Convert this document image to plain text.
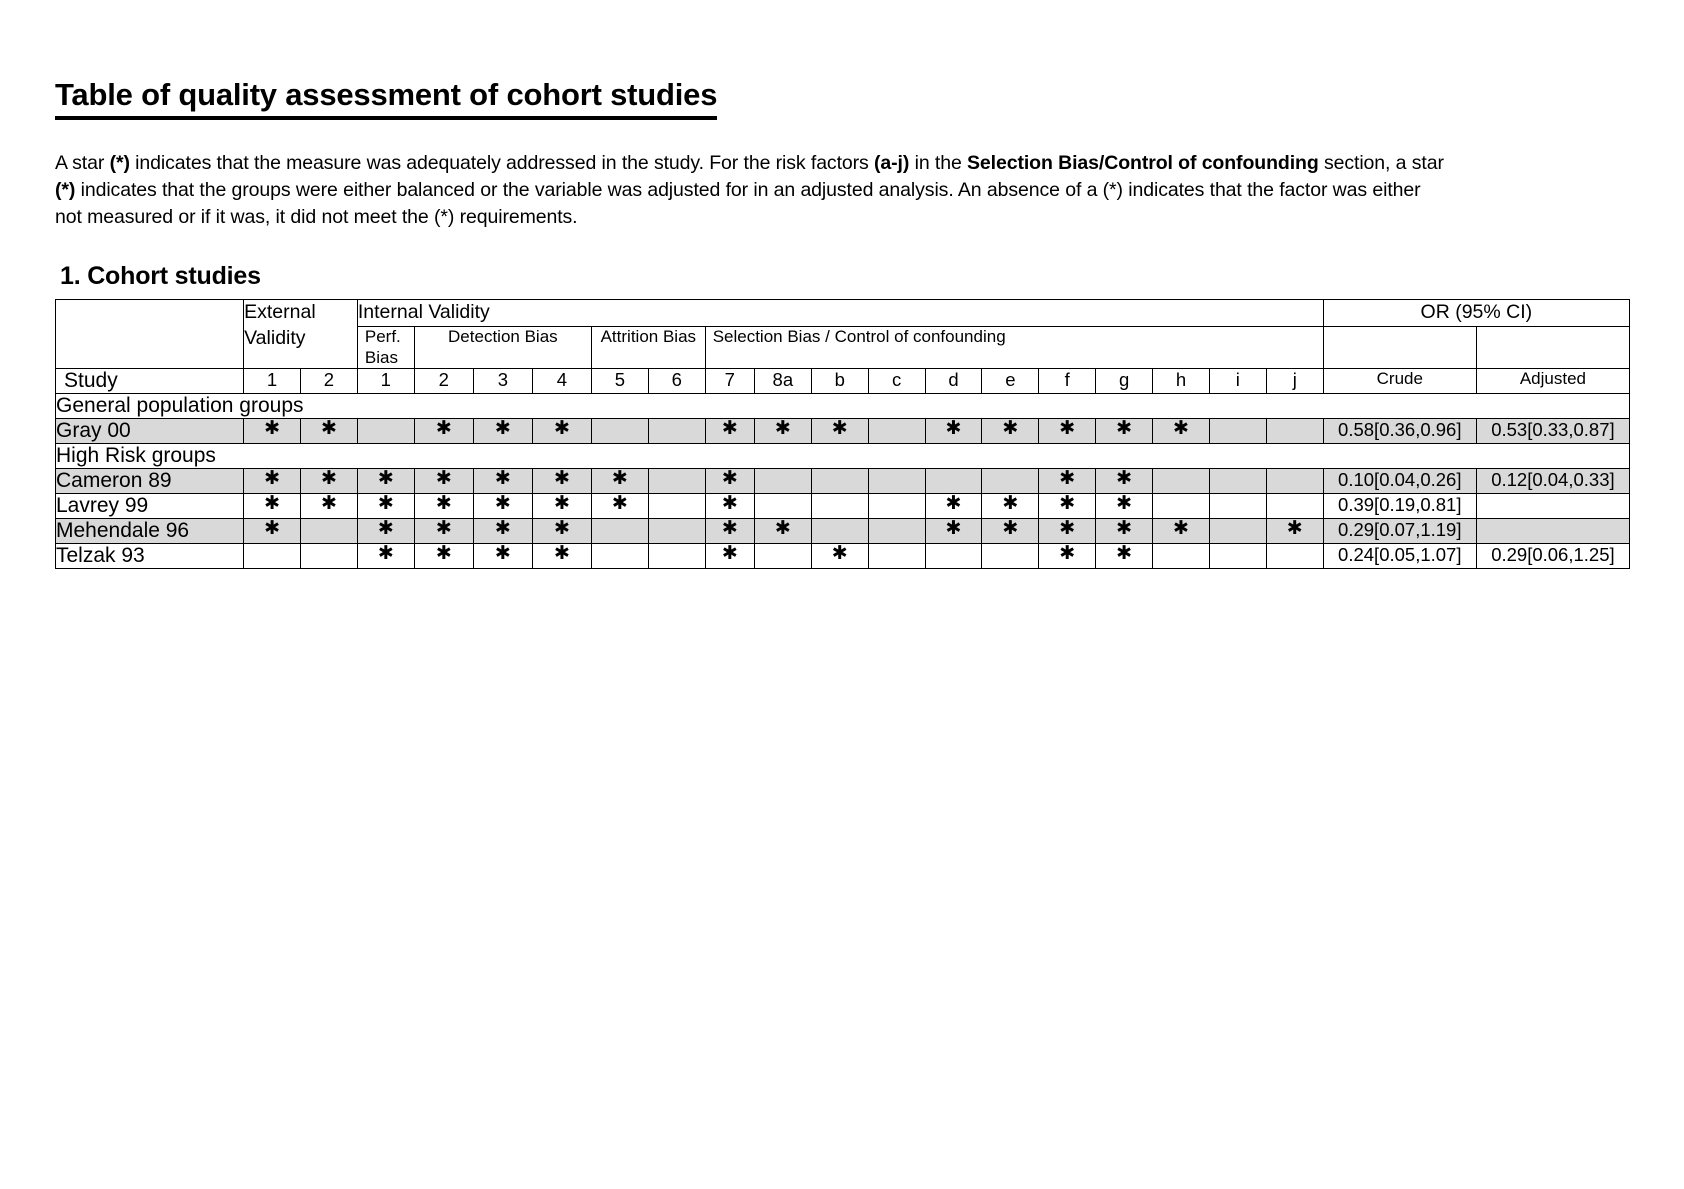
Table of quality assessment of cohort studies

A star (*) indicates that the measure was adequately addressed in the study. For the risk factors (a-j) in the Selection Bias/Control of confounding section, a star (*) indicates that the groups were either balanced or the variable was adjusted for in an adjusted analysis. An absence of a (*) indicates that the factor was either not measured or if it was, it did not meet the (*) requirements.

1. Cohort studies
	External Validity		Internal Validity																	OR (95% CI)	
			Perf. Bias	Detection Bias			Attrition Bias		Selection Bias / Control of confounding												
Study	1	2	1	2	3	4	5	6	7	8a	b	c	d	e	f	g	h	i	j	Crude	Adjusted
General population groups																					
Gray 00	✱	✱		✱	✱	✱			✱	✱	✱		✱	✱	✱	✱	✱			0.58[0.36,0.96]	0.53[0.33,0.87]
High Risk groups																					
Cameron 89	✱	✱	✱	✱	✱	✱	✱		✱						✱	✱				0.10[0.04,0.26]	0.12[0.04,0.33]
Lavrey 99	✱	✱	✱	✱	✱	✱	✱		✱				✱	✱	✱	✱				0.39[0.19,0.81]	
Mehendale 96	✱		✱	✱	✱	✱			✱	✱			✱	✱	✱	✱	✱		✱	0.29[0.07,1.19]	
Telzak 93			✱	✱	✱	✱			✱		✱				✱	✱				0.24[0.05,1.07]	0.29[0.06,1.25]
